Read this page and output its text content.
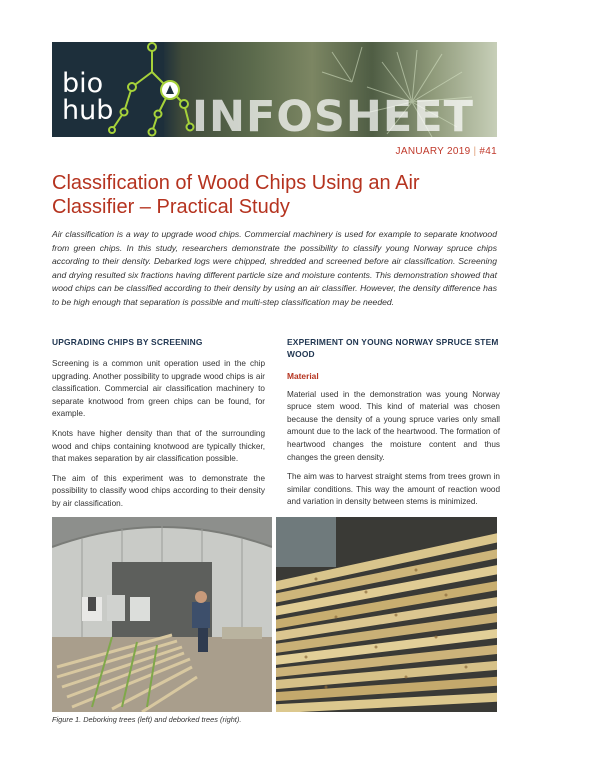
bio
hub INFOSHEET
JANUARY 2019 | #41
Classification of Wood Chips Using an Air Classifier – Practical Study

Air classification is a way to upgrade wood chips. Commercial machinery is used for example to separate knotwood from green chips. In this study, researchers demonstrate the possibility to classify young Norway spruce chips according to their density. Debarked logs were chipped, shredded and screened before air classification. Screening and drying resulted six fractions having different particle size and moisture contents. This demonstration showed that wood chips can be classified according to their density by using an air classifier. However, the density difference has to be high enough that separation is possible and multi-step classification may be needed.

UPGRADING CHIPS BY SCREENING

Screening is a common unit operation used in the chip upgrading. Another possibility to upgrade wood chips is air classification. Commercial air classification machinery to separate knotwood from green chips can be found, for example.

Knots have higher density than that of the surrounding wood and chips containing knotwood are typically thicker, that makes separation by air classification possible.

The aim of this experiment was to demonstrate the possibility to classify wood chips according to their density by air classification.

EXPERIMENT ON YOUNG NORWAY SPRUCE STEM WOOD
Material

Material used in the demonstration was young Norway spruce stem wood. This kind of material was chosen because the density of a young spruce varies only small amount due to the lack of the heartwood. The formation of heartwood changes the moisture content and thus changes the green density.

The aim was to harvest straight stems from trees grown in similar conditions. This way the amount of reaction wood and variation in density between stems is minimized.

Figure 1. Deborking trees (left) and deborked trees (right).
